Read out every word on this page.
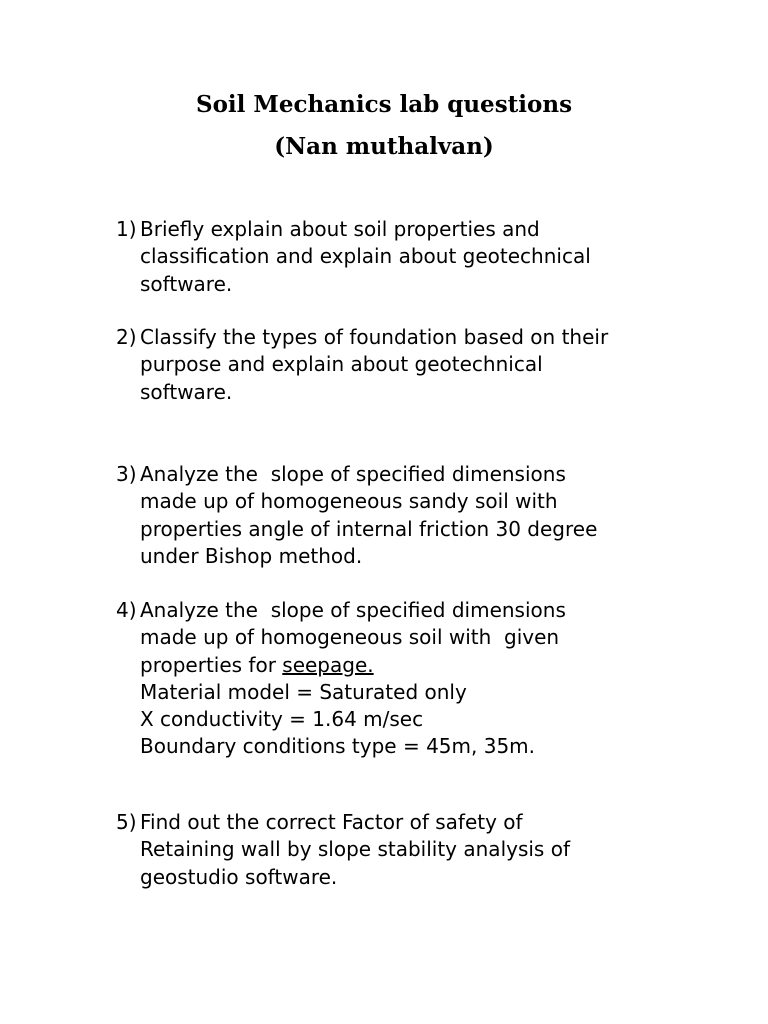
Soil Mechanics lab questions
(Nan muthalvan)
1) Briefly explain about soil properties and
classification and explain about geotechnical
software.
2) Classify the types of foundation based on their
purpose and explain about geotechnical
software.
3) Analyze the  slope of specified dimensions
made up of homogeneous sandy soil with
properties angle of internal friction 30 degree
under Bishop method.
4) Analyze the  slope of specified dimensions
made up of homogeneous soil with  given
properties for seepage.
Material model = Saturated only
X conductivity = 1.64 m/sec
Boundary conditions type = 45m, 35m.
5) Find out the correct Factor of safety of
Retaining wall by slope stability analysis of
geostudio software.
